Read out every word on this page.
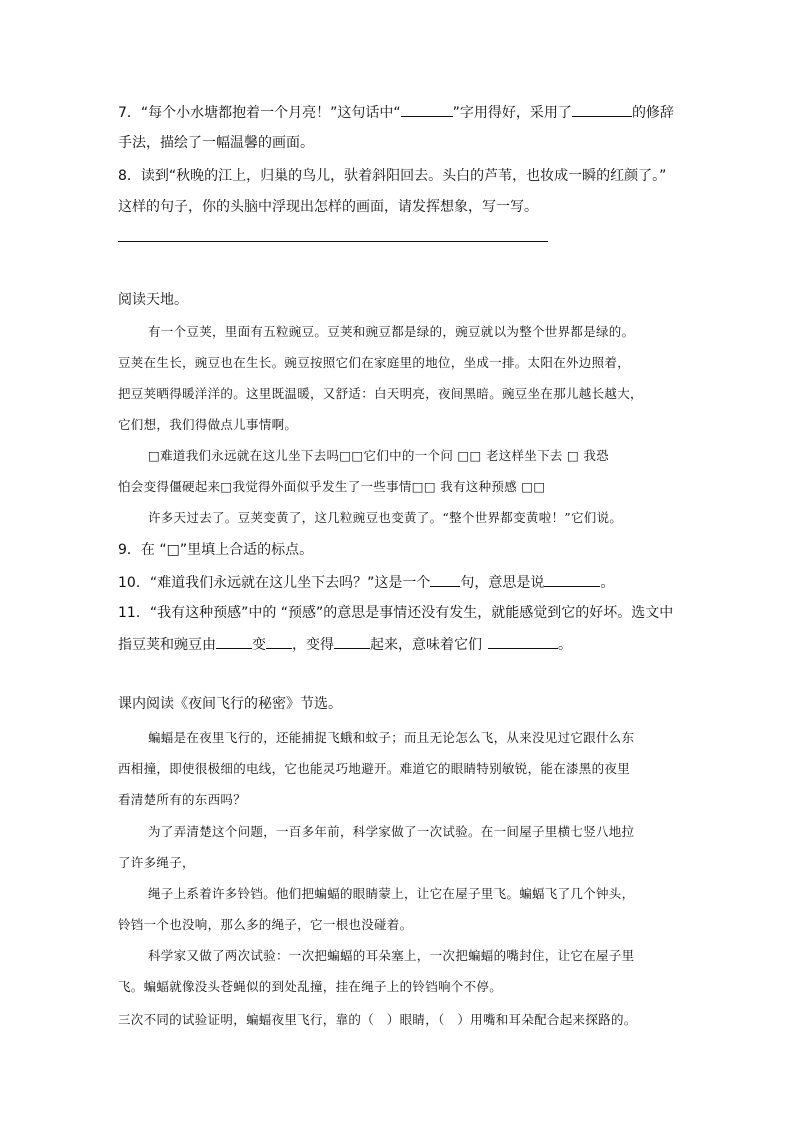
7．“每个小水塘都抱着一个月亮！”这句话中“	”字用得好，采用了	的修辞
手法，描绘了一幅温馨的画面。
8．读到“秋晚的江上，归巢的鸟儿，驮着斜阳回去。头白的芦苇，也妆成一瞬的红颜了。”
这样的句子，你的头脑中浮现出怎样的画面，请发挥想象，写一写。
阅读天地。
有一个豆荚，里面有五粒豌豆。豆荚和豌豆都是绿的，豌豆就以为整个世界都是绿的。
豆荚在生长，豌豆也在生长。豌豆按照它们在家庭里的地位，坐成一排。太阳在外边照着，
把豆荚晒得暖洋洋的。这里既温暖，又舒适：白天明亮，夜间黑暗。豌豆坐在那儿越长越大，
它们想，我们得做点儿事情啊。
□难道我们永远就在这儿坐下去吗□□它们中的一个问 □□ 老这样坐下去 □ 我恐
怕会变得僵硬起来□我觉得外面似乎发生了一些事情□□ 我有这种预感 □□
许多天过去了。豆荚变黄了，这几粒豌豆也变黄了。“整个世界都变黄啦！”它们说。
9．在 “□”里填上合适的标点。
10．“难道我们永远就在这儿坐下去吗？”这是一个 句，意思是说	。
11．“我有这种预感”中的 “预感”的意思是事情还没有发生，就能感觉到它的好坏。选文中
指豆荚和豌豆由	变 ，变得	起来，意味着它们	。
课内阅读《夜间飞行的秘密》节选。
蝙蝠是在夜里飞行的，还能捕捉飞蛾和蚊子；而且无论怎么飞，从来没见过它跟什么东
西相撞，即使很极细的电线，它也能灵巧地避开。难道它的眼睛特别敏锐，能在漆黑的夜里
看清楚所有的东西吗？
为了弄清楚这个问题，一百多年前，科学家做了一次试验。在一间屋子里横七竖八地拉
了许多绳子，
绳子上系着许多铃铛。他们把蝙蝠的眼睛蒙上，让它在屋子里飞。蝙蝠飞了几个钟头，
铃铛一个也没响，那么多的绳子，它一根也没碰着。
科学家又做了两次试验：一次把蝙蝠的耳朵塞上，一次把蝙蝠的嘴封住，让它在屋子里
飞。蝙蝠就像没头苍蝇似的到处乱撞，挂在绳子上的铃铛响个不停。
三次不同的试验证明，蝙蝠夜里飞行，靠的（　）眼睛，（　）用嘴和耳朵配合起来探路的。
